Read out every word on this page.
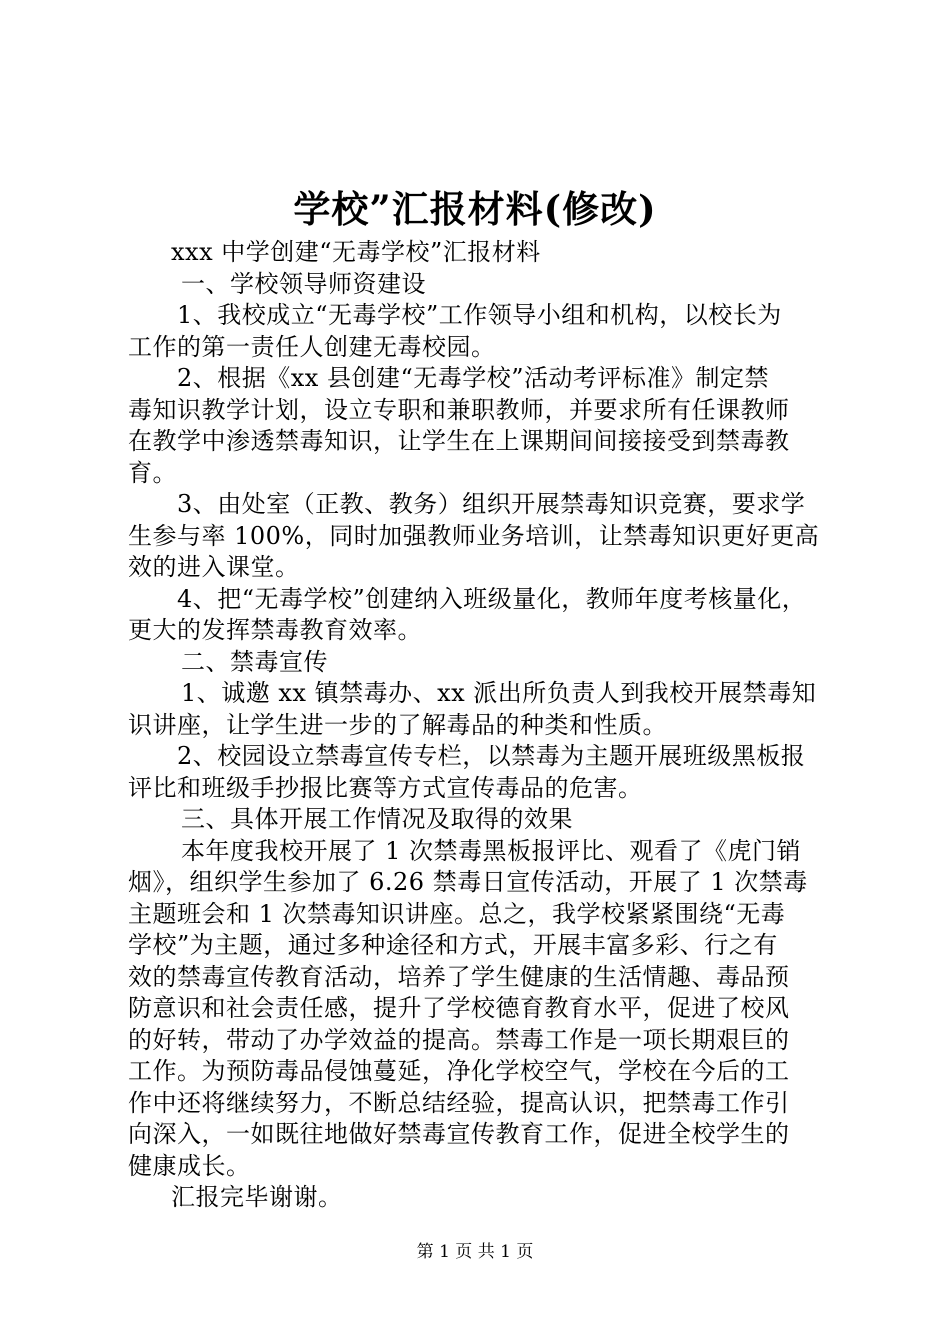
学校”汇报材料(修改)
xxx 中学创建“无毒学校”汇报材料
一、学校领导师资建设
1、我校成立“无毒学校”工作领导小组和机构，以校长为
工作的第一责任人创建无毒校园。
2、根据《xx 县创建“无毒学校”活动考评标准》制定禁
毒知识教学计划，设立专职和兼职教师，并要求所有任课教师
在教学中渗透禁毒知识，让学生在上课期间间接接受到禁毒教
育。
3、由处室（正教、教务）组织开展禁毒知识竞赛，要求学
生参与率 100%，同时加强教师业务培训，让禁毒知识更好更高
效的进入课堂。
4、把“无毒学校”创建纳入班级量化，教师年度考核量化，
更大的发挥禁毒教育效率。
二、禁毒宣传
1、诚邀 xx 镇禁毒办、xx 派出所负责人到我校开展禁毒知
识讲座，让学生进一步的了解毒品的种类和性质。
2、校园设立禁毒宣传专栏，以禁毒为主题开展班级黑板报
评比和班级手抄报比赛等方式宣传毒品的危害。
三、具体开展工作情况及取得的效果
本年度我校开展了 1 次禁毒黑板报评比、观看了《虎门销
烟》，组织学生参加了 6.26 禁毒日宣传活动，开展了 1 次禁毒
主题班会和 1 次禁毒知识讲座。总之，我学校紧紧围绕“无毒
学校”为主题，通过多种途径和方式，开展丰富多彩、行之有
效的禁毒宣传教育活动，培养了学生健康的生活情趣、毒品预
防意识和社会责任感，提升了学校德育教育水平，促进了校风
的好转，带动了办学效益的提高。禁毒工作是一项长期艰巨的
工作。为预防毒品侵蚀蔓延，净化学校空气，学校在今后的工
作中还将继续努力，不断总结经验，提高认识，把禁毒工作引
向深入，一如既往地做好禁毒宣传教育工作，促进全校学生的
健康成长。
汇报完毕谢谢。
第 1 页 共 1 页
